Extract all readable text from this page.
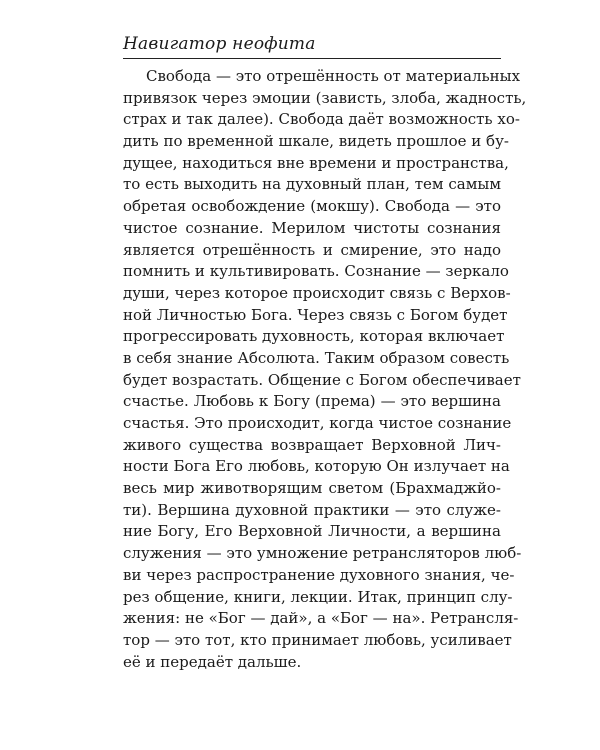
Навигатор неофита
Свобода — это отрешённость от материальных
привязок через эмоции (зависть, злоба, жадность,
страх и так далее). Свобода даёт возможность хо-
дить по временной шкале, видеть прошлое и бу-
дущее, находиться вне времени и пространства,
то есть выходить на духовный план, тем самым
обретая освобождение (мокшу). Свобода — это
чистое сознание. Мерилом чистоты сознания
является отрешённость и смирение, это надо
помнить и культивировать. Сознание — зеркало
души, через которое происходит связь с Верхов-
ной Личностью Бога. Через связь с Богом будет
прогрессировать духовность, которая включает
в себя знание Абсолюта. Таким образом совесть
будет возрастать. Общение с Богом обеспечивает
счастье. Любовь к Богу (према) — это вершина
счастья. Это происходит, когда чистое сознание
живого существа возвращает Верховной Лич-
ности Бога Его любовь, которую Он излучает на
весь мир животворящим светом (Брахмаджйо-
ти). Вершина духовной практики — это служе-
ние Богу, Его Верховной Личности, а вершина
служения — это умножение ретрансляторов люб-
ви через распространение духовного знания, че-
рез общение, книги, лекции. Итак, принцип слу-
жения: не «Бог — дай», а «Бог — на». Ретрансля-
тор — это тот, кто принимает любовь, усиливает
её и передаёт дальше.
